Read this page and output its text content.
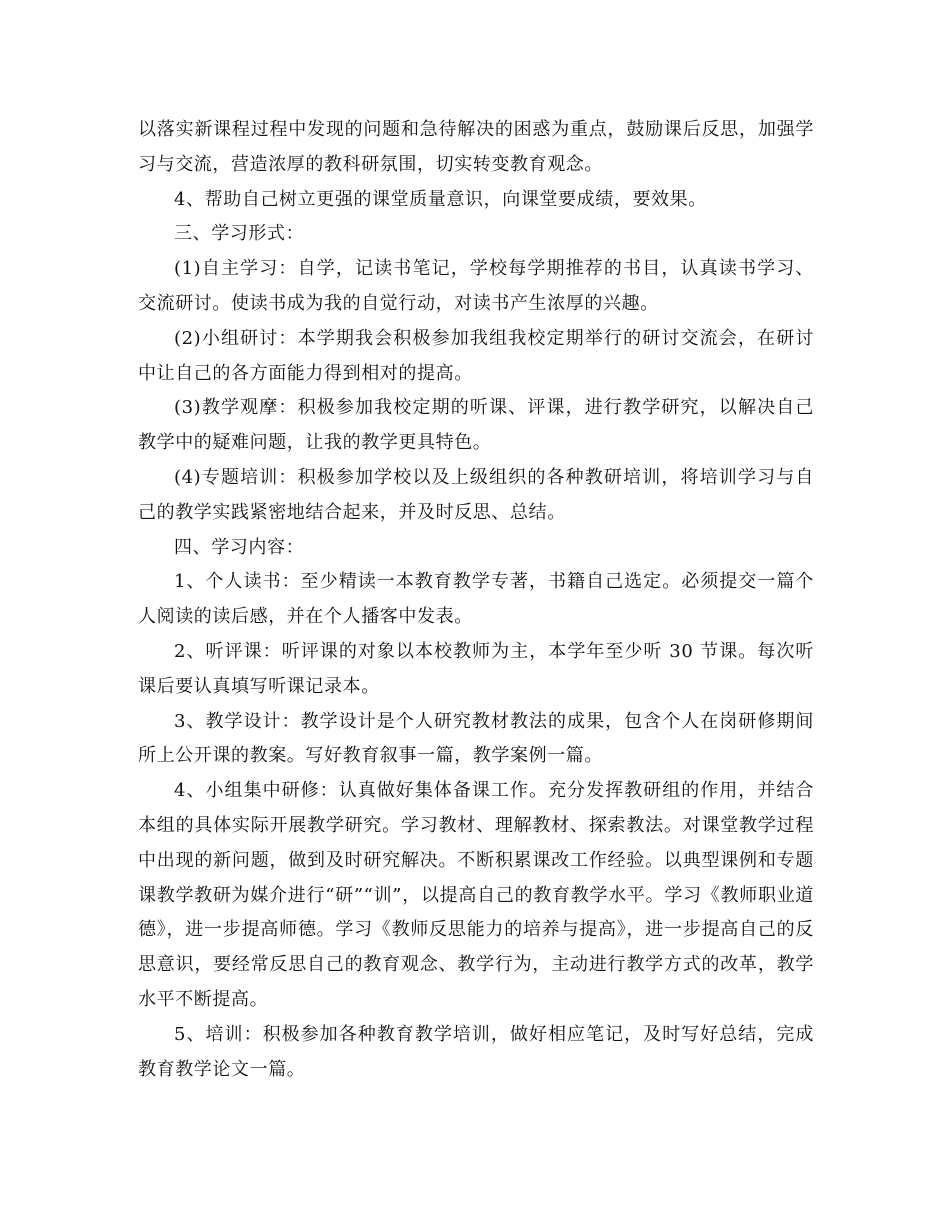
以落实新课程过程中发现的问题和急待解决的困惑为重点，鼓励课后反思，加强学习与交流，营造浓厚的教科研氛围，切实转变教育观念。

4、帮助自己树立更强的课堂质量意识，向课堂要成绩，要效果。

三、学习形式：

(1)自主学习：自学，记读书笔记，学校每学期推荐的书目，认真读书学习、交流研讨。使读书成为我的自觉行动，对读书产生浓厚的兴趣。

(2)小组研讨：本学期我会积极参加我组我校定期举行的研讨交流会，在研讨中让自己的各方面能力得到相对的提高。

(3)教学观摩：积极参加我校定期的听课、评课，进行教学研究，以解决自己教学中的疑难问题，让我的教学更具特色。

(4)专题培训：积极参加学校以及上级组织的各种教研培训，将培训学习与自己的教学实践紧密地结合起来，并及时反思、总结。

四、学习内容：

1、个人读书：至少精读一本教育教学专著，书籍自己选定。必须提交一篇个人阅读的读后感，并在个人播客中发表。

2、听评课：听评课的对象以本校教师为主，本学年至少听 30 节课。每次听课后要认真填写听课记录本。

3、教学设计：教学设计是个人研究教材教法的成果，包含个人在岗研修期间所上公开课的教案。写好教育叙事一篇，教学案例一篇。

4、小组集中研修：认真做好集体备课工作。充分发挥教研组的作用，并结合本组的具体实际开展教学研究。学习教材、理解教材、探索教法。对课堂教学过程中出现的新问题，做到及时研究解决。不断积累课改工作经验。以典型课例和专题课教学教研为媒介进行“研”“训”，以提高自己的教育教学水平。学习《教师职业道德》，进一步提高师德。学习《教师反思能力的培养与提高》，进一步提高自己的反思意识，要经常反思自己的教育观念、教学行为，主动进行教学方式的改革，教学水平不断提高。

5、培训：积极参加各种教育教学培训，做好相应笔记，及时写好总结，完成教育教学论文一篇。
